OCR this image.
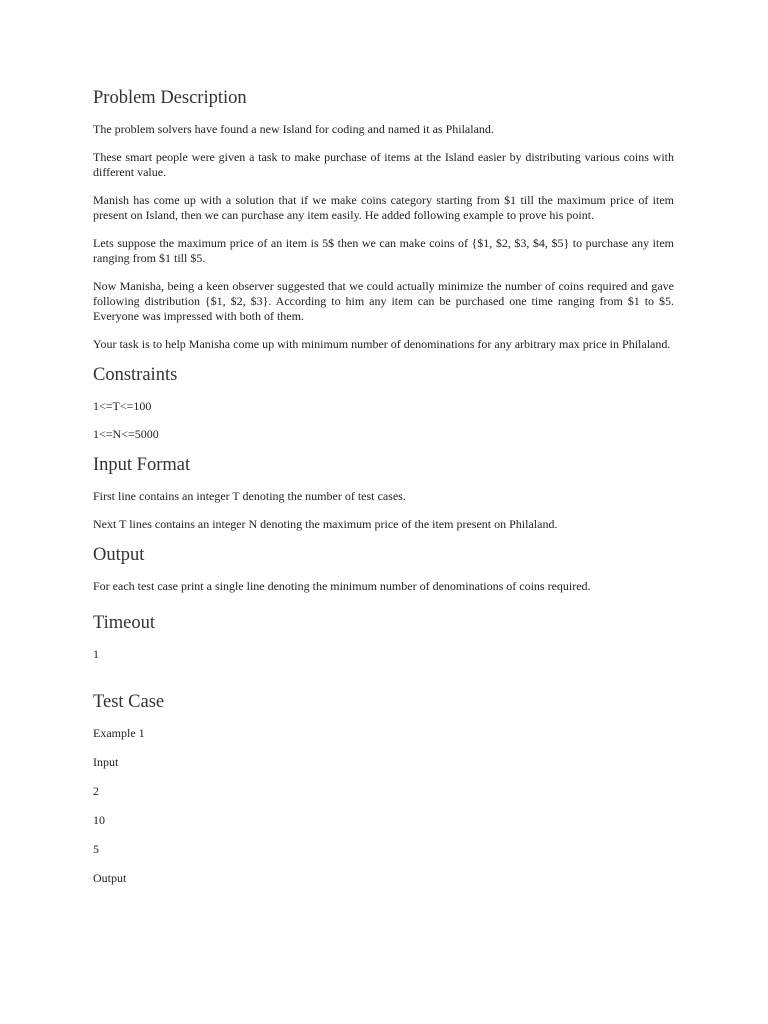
Problem Description

The problem solvers have found a new Island for coding and named it as Philaland.

These smart people were given a task to make purchase of items at the Island easier by distributing various coins with different value.

Manish has come up with a solution that if we make coins category starting from $1 till the maximum price of item present on Island, then we can purchase any item easily. He added following example to prove his point.

Lets suppose the maximum price of an item is 5$ then we can make coins of {$1, $2, $3, $4, $5} to purchase any item ranging from $1 till $5.

Now Manisha, being a keen observer suggested that we could actually minimize the number of coins required and gave following distribution {$1, $2, $3}. According to him any item can be purchased one time ranging from $1 to $5. Everyone was impressed with both of them.

Your task is to help Manisha come up with minimum number of denominations for any arbitrary max price in Philaland.

Constraints

1<=T<=100

1<=N<=5000

Input Format

First line contains an integer T denoting the number of test cases.

Next T lines contains an integer N denoting the maximum price of the item present on Philaland.

Output

For each test case print a single line denoting the minimum number of denominations of coins required.

Timeout

1

Test Case

Example 1

Input

2

10

5

Output
